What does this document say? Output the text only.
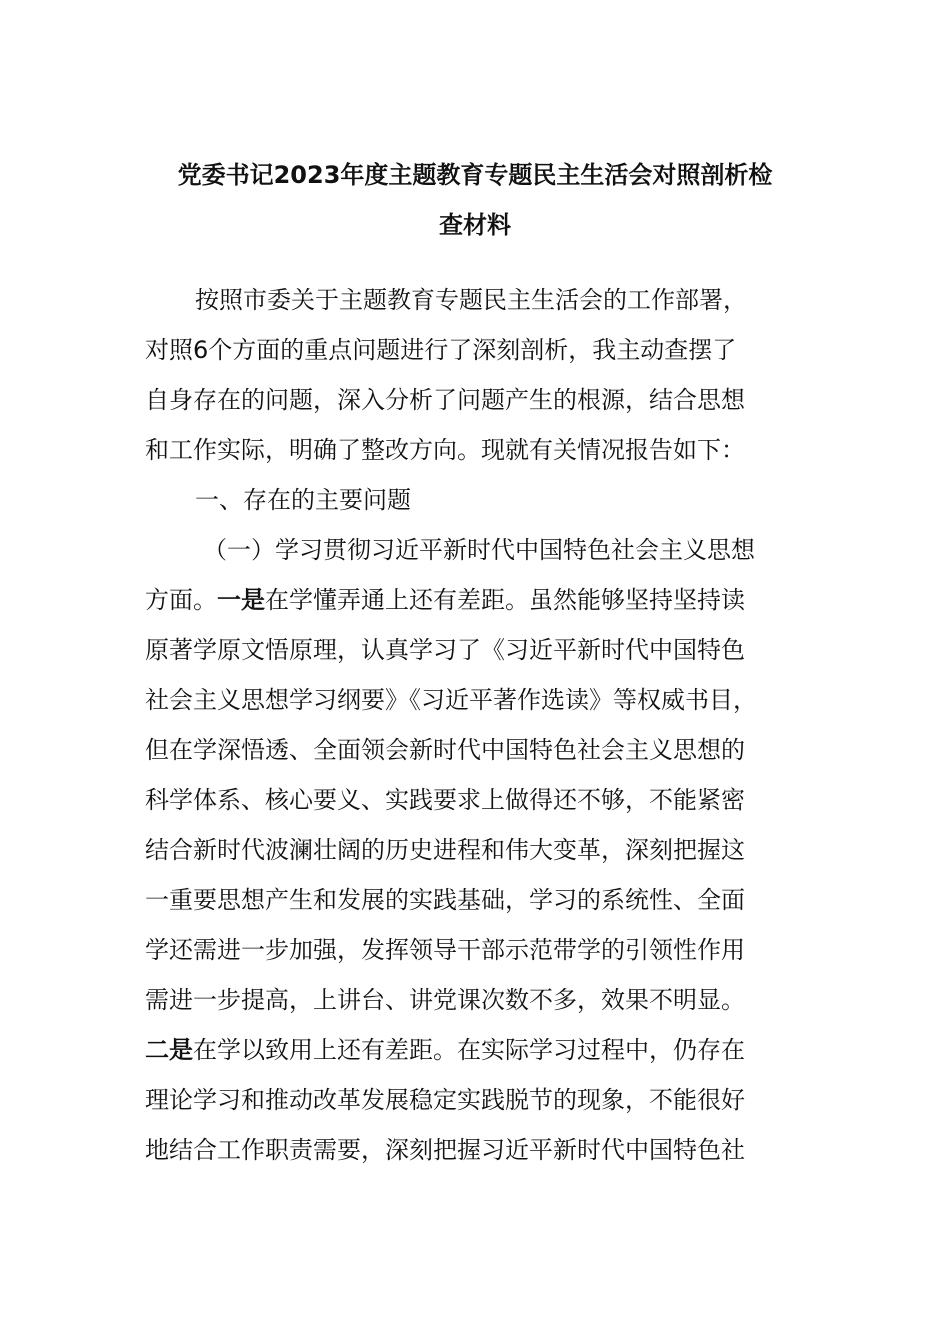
党委书记2023年度主题教育专题民主生活会对照剖析检
查材料
按照市委关于主题教育专题民主生活会的工作部署，
对照6个方面的重点问题进行了深刻剖析，我主动查摆了
自身存在的问题，深入分析了问题产生的根源，结合思想
和工作实际，明确了整改方向。现就有关情况报告如下：
一、存在的主要问题
（一）学习贯彻习近平新时代中国特色社会主义思想
方面。一是在学懂弄通上还有差距。虽然能够坚持坚持读
原著学原文悟原理，认真学习了《习近平新时代中国特色
社会主义思想学习纲要》《习近平著作选读》等权威书目，
但在学深悟透、全面领会新时代中国特色社会主义思想的
科学体系、核心要义、实践要求上做得还不够，不能紧密
结合新时代波澜壮阔的历史进程和伟大变革，深刻把握这
一重要思想产生和发展的实践基础，学习的系统性、全面
学还需进一步加强，发挥领导干部示范带学的引领性作用
需进一步提高，上讲台、讲党课次数不多，效果不明显。
二是在学以致用上还有差距。在实际学习过程中，仍存在
理论学习和推动改革发展稳定实践脱节的现象，不能很好
地结合工作职责需要，深刻把握习近平新时代中国特色社
